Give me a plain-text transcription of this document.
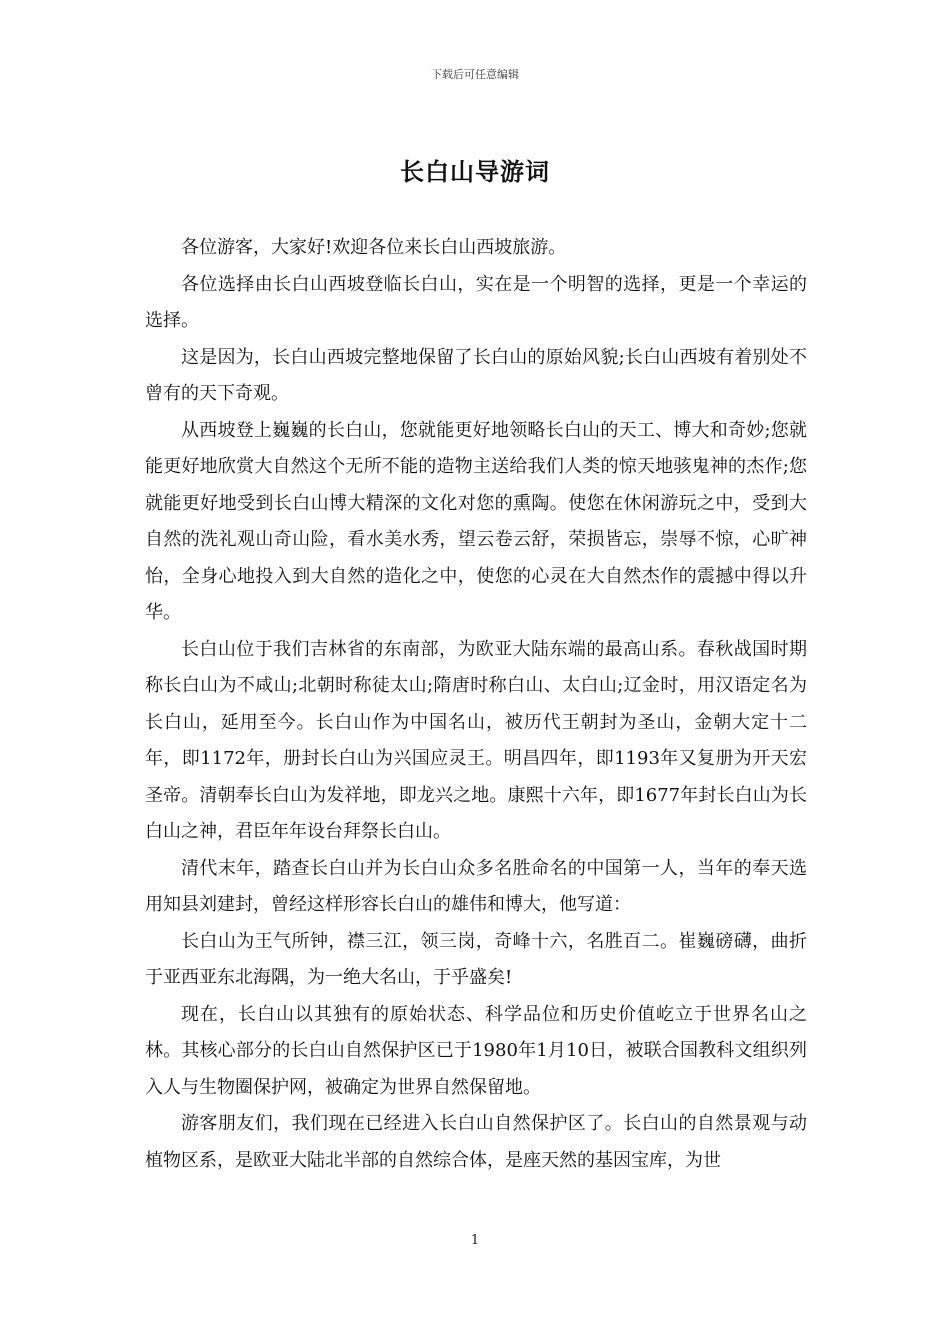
下载后可任意编辑
长白山导游词

各位游客，大家好!欢迎各位来长白山西坡旅游。

各位选择由长白山西坡登临长白山，实在是一个明智的选择，更是一个幸运的选择。

这是因为，长白山西坡完整地保留了长白山的原始风貌;长白山西坡有着别处不曾有的天下奇观。

从西坡登上巍巍的长白山，您就能更好地领略长白山的天工、博大和奇妙;您就能更好地欣赏大自然这个无所不能的造物主送给我们人类的惊天地骇鬼神的杰作;您就能更好地受到长白山博大精深的文化对您的熏陶。使您在休闲游玩之中，受到大自然的洗礼观山奇山险，看水美水秀，望云卷云舒，荣损皆忘，崇辱不惊，心旷神怡，全身心地投入到大自然的造化之中，使您的心灵在大自然杰作的震撼中得以升华。

长白山位于我们吉林省的东南部，为欧亚大陆东端的最高山系。春秋战国时期称长白山为不咸山;北朝时称徒太山;隋唐时称白山、太白山;辽金时，用汉语定名为长白山，延用至今。长白山作为中国名山，被历代王朝封为圣山，金朝大定十二年，即1172年，册封长白山为兴国应灵王。明昌四年，即1193年又复册为开天宏圣帝。清朝奉长白山为发祥地，即龙兴之地。康熙十六年，即1677年封长白山为长白山之神，君臣年年设台拜祭长白山。

清代末年，踏查长白山并为长白山众多名胜命名的中国第一人，当年的奉天选用知县刘建封，曾经这样形容长白山的雄伟和博大，他写道：

长白山为王气所钟，襟三江，领三岗，奇峰十六，名胜百二。崔巍磅礴，曲折于亚西亚东北海隅，为一绝大名山，于乎盛矣!

现在，长白山以其独有的原始状态、科学品位和历史价值屹立于世界名山之林。其核心部分的长白山自然保护区已于1980年1月10日，被联合国教科文组织列入人与生物圈保护网，被确定为世界自然保留地。

游客朋友们，我们现在已经进入长白山自然保护区了。长白山的自然景观与动植物区系，是欧亚大陆北半部的自然综合体，是座天然的基因宝库，为世

1
